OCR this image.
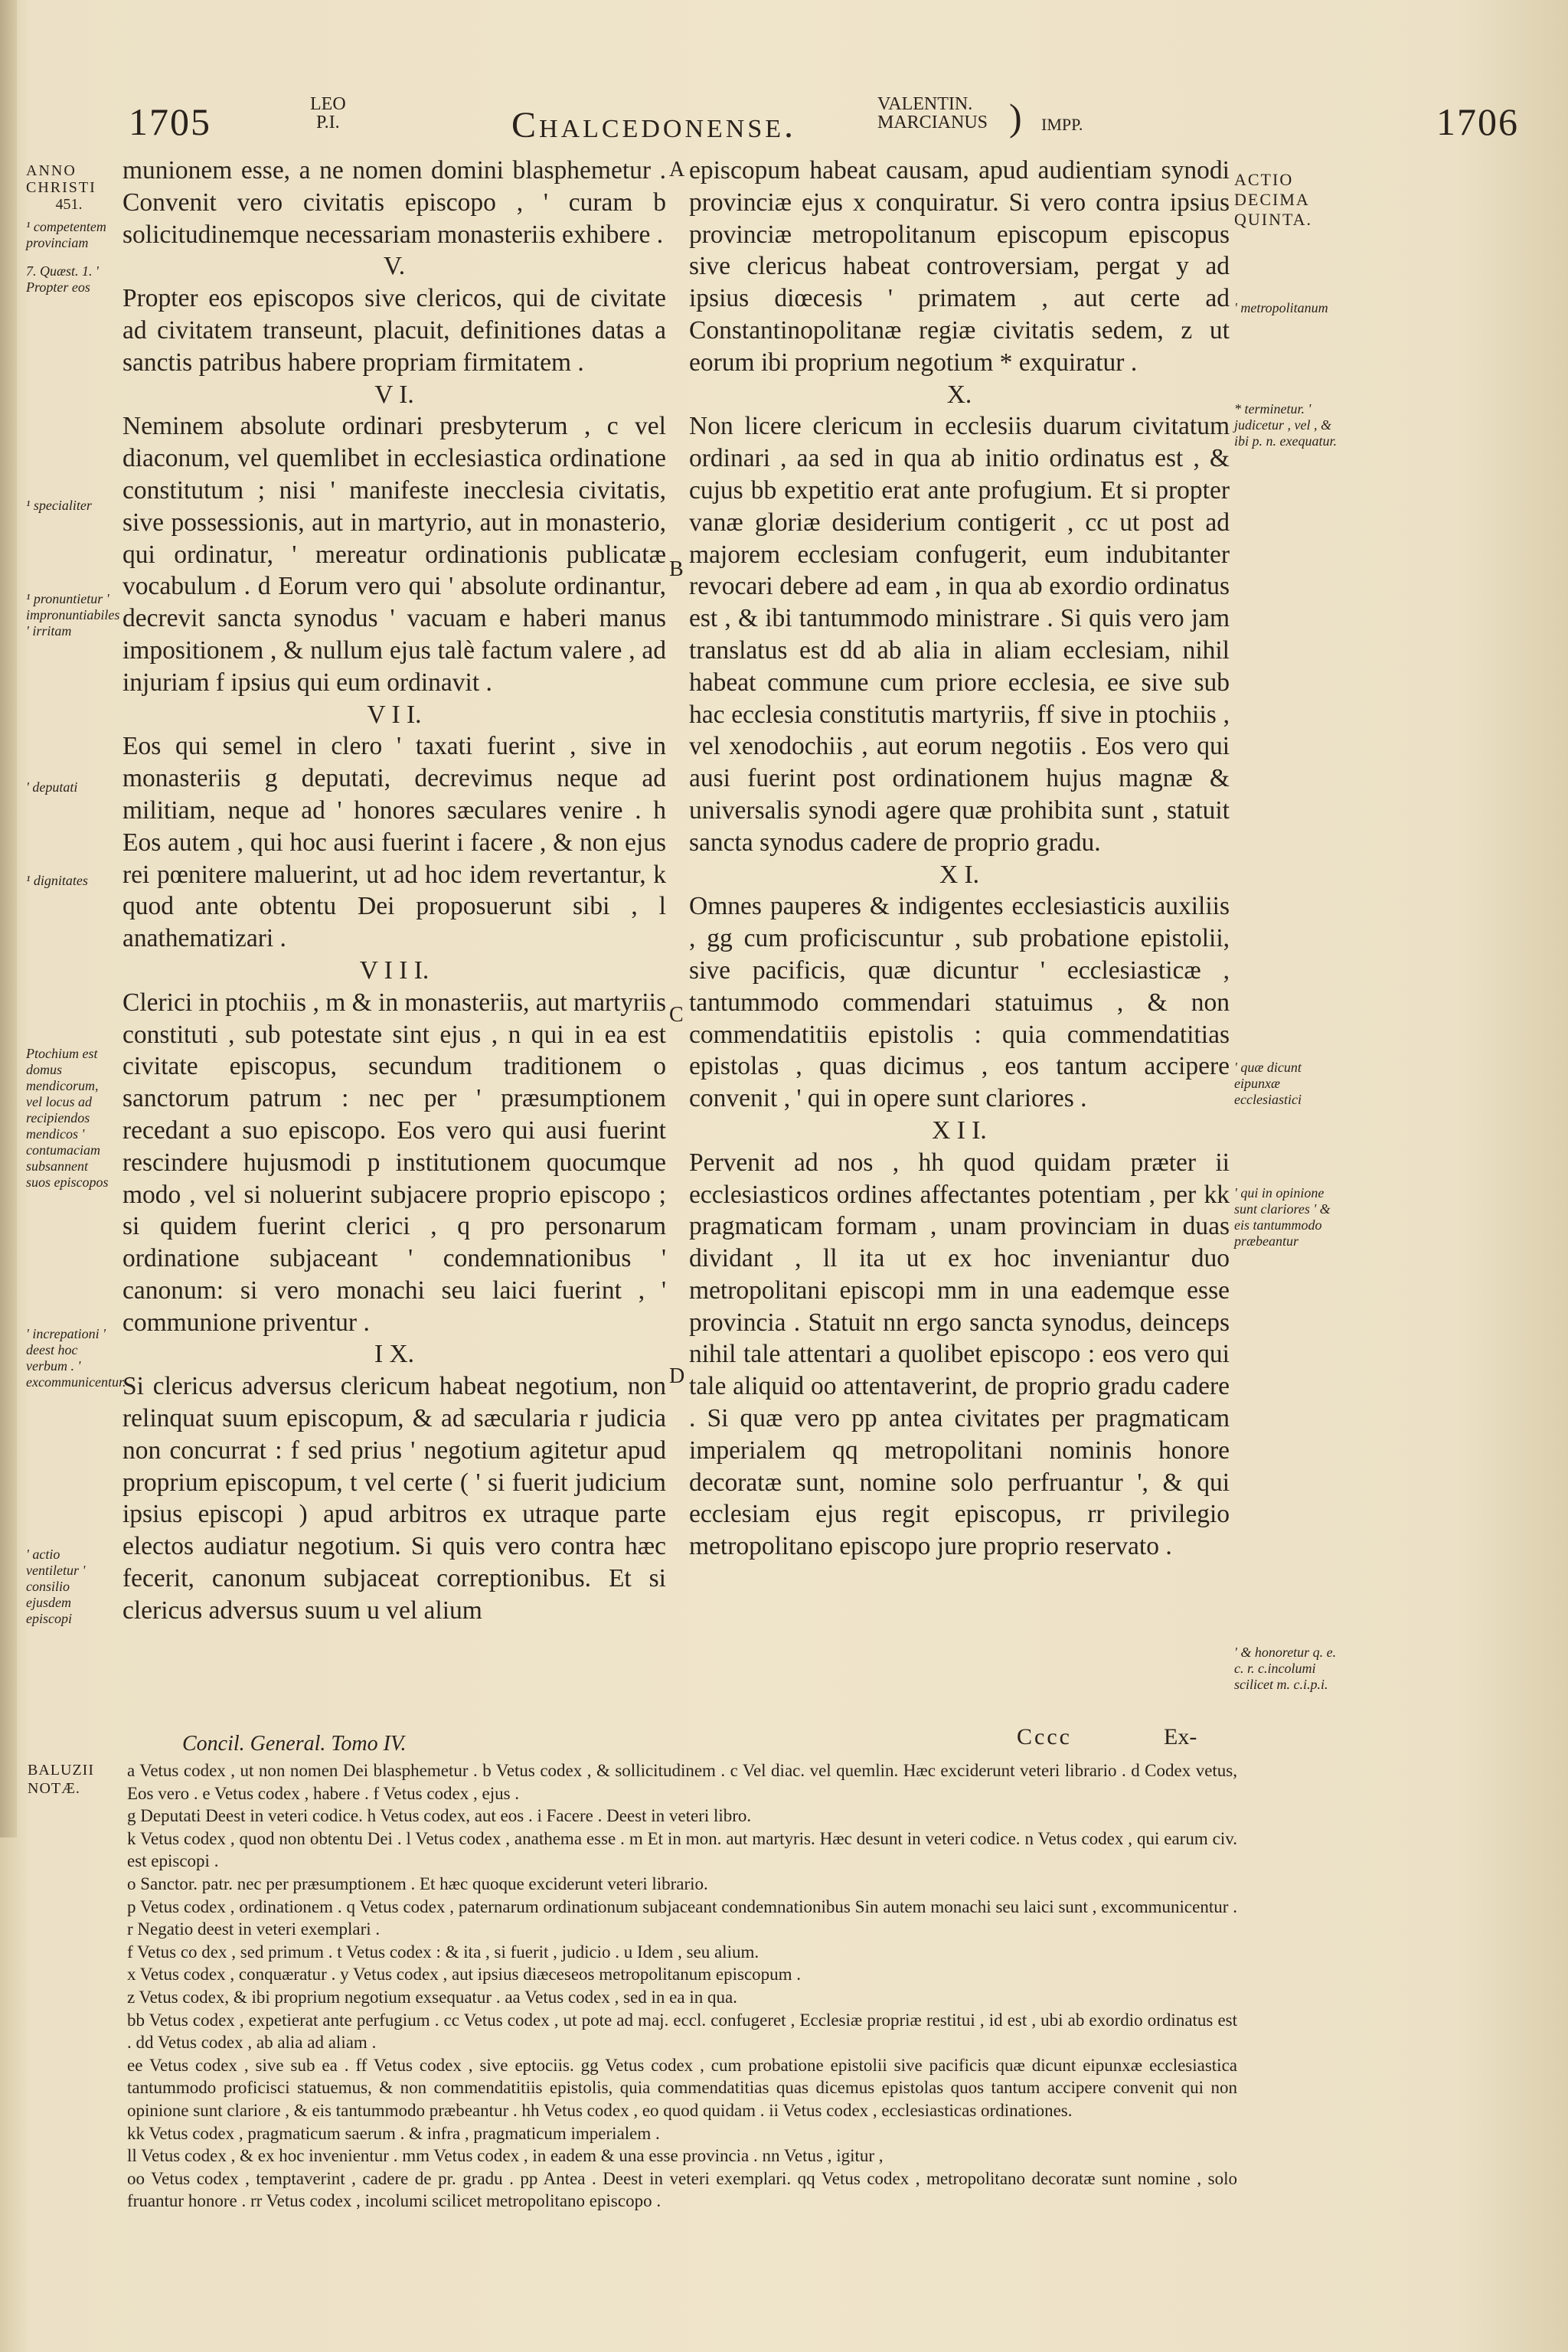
1705	LEO
P.I.	Chalcedonense.
VALENTIN.
MARCIANUS ) IMPP.	1706
ANNO
CHRISTI
451.
¹ competentem provinciam
7. Quæst. 1. ' Propter eos
¹ specialiter
¹ pronuntietur ' impronuntiabiles ' irritam
' deputati
¹ dignitates
Ptochium est domus mendicorum, vel locus ad recipiendos mendicos ' contumaciam subsannent suos episcopos
' increpationi ' deest hoc verbum . ' excommunicentur.
' actio ventiletur ' consilio ejusdem episcopi
ACTIO
DECIMA
QUINTA.
' metropolitanum
* terminetur. ' judicetur , vel , & ibi p. n. exequatur.
' quæ dicunt eipunxæ ecclesiastici
' qui in opinione sunt clariores ' & eis tantummodo præbeantur
' & honoretur q. e. c. r. c.incolumi scilicet m. c.i.p.i.
A
B
C
D

munionem esse, a ne nomen domini blasphemetur . Convenit vero civitatis episcopo , ' curam b solicitudinemque necessariam monasteriis exhibere .

V.

Propter eos episcopos sive clericos, qui de civitate ad civitatem transeunt, placuit, definitiones datas a sanctis patribus habere propriam firmitatem .

V I.

Neminem absolute ordinari presbyterum , c vel diaconum, vel quemlibet in ecclesiastica ordinatione constitutum ; nisi ' manifeste inecclesia civitatis, sive possessionis, aut in martyrio, aut in monasterio, qui ordinatur, ' mereatur ordinationis publicatæ vocabulum . d Eorum vero qui ' absolute ordinantur, decrevit sancta synodus ' vacuam e haberi manus impositionem , & nullum ejus talè factum valere , ad injuriam f ipsius qui eum ordinavit .

V I I.

Eos qui semel in clero ' taxati fuerint , sive in monasteriis g deputati, decrevimus neque ad militiam, neque ad ' honores sæculares venire . h Eos autem , qui hoc ausi fuerint i facere , & non ejus rei pœnitere maluerint, ut ad hoc idem revertantur, k quod ante obtentu Dei proposuerunt sibi , l anathematizari .

V I I I.

Clerici in ptochiis , m & in monasteriis, aut martyriis constituti , sub potestate sint ejus , n qui in ea est civitate episcopus, secundum traditionem o sanctorum patrum : nec per ' præsumptionem recedant a suo episcopo. Eos vero qui ausi fuerint rescindere hujusmodi p institutionem quocumque modo , vel si noluerint subjacere proprio episcopo ; si quidem fuerint clerici , q pro personarum ordinatione subjaceant ' condemnationibus ' canonum: si vero monachi seu laici fuerint , ' communione priventur .

I X.

Si clericus adversus clericum habeat negotium, non relinquat suum episcopum, & ad sæcularia r judicia non concurrat : f sed prius ' negotium agitetur apud proprium episcopum, t vel certe ( ' si fuerit judicium ipsius episcopi ) apud arbitros ex utraque parte electos audiatur negotium. Si quis vero contra hæc fecerit, canonum subjaceat correptionibus. Et si clericus adversus suum u vel alium

episcopum habeat causam, apud audientiam synodi provinciæ ejus x conquiratur. Si vero contra ipsius provinciæ metropolitanum episcopum episcopus sive clericus habeat controversiam, pergat y ad ipsius diœcesis ' primatem , aut certe ad Constantinopolitanæ regiæ civitatis sedem, z ut eorum ibi proprium negotium * exquiratur .

X.

Non licere clericum in ecclesiis duarum civitatum ordinari , aa sed in qua ab initio ordinatus est , & cujus bb expetitio erat ante profugium. Et si propter vanæ gloriæ desiderium contigerit , cc ut post ad majorem ecclesiam confugerit, eum indubitanter revocari debere ad eam , in qua ab exordio ordinatus est , & ibi tantummodo ministrare . Si quis vero jam translatus est dd ab alia in aliam ecclesiam, nihil habeat commune cum priore ecclesia, ee sive sub hac ecclesia constitutis martyriis, ff sive in ptochiis , vel xenodochiis , aut eorum negotiis . Eos vero qui ausi fuerint post ordinationem hujus magnæ & universalis synodi agere quæ prohibita sunt , statuit sancta synodus cadere de proprio gradu.

X I.

Omnes pauperes & indigentes ecclesiasticis auxiliis , gg cum proficiscuntur , sub probatione epistolii, sive pacificis, quæ dicuntur ' ecclesiasticæ , tantummodo commendari statuimus , & non commendatitiis epistolis : quia commendatitias epistolas , quas dicimus , eos tantum accipere convenit , ' qui in opere sunt clariores .

X I I.

Pervenit ad nos , hh quod quidam præter ii ecclesiasticos ordines affectantes potentiam , per kk pragmaticam formam , unam provinciam in duas dividant , ll ita ut ex hoc inveniantur duo metropolitani episcopi mm in una eademque esse provincia . Statuit nn ergo sancta synodus, deinceps nihil tale attentari a quolibet episcopo : eos vero qui tale aliquid oo attentaverint, de proprio gradu cadere . Si quæ vero pp antea civitates per pragmaticam imperialem qq metropolitani nominis honore decoratæ sunt, nomine solo perfruantur ', & qui ecclesiam ejus regit episcopus, rr privilegio metropolitano episcopo jure proprio reservato .

Concil. General. Tomo IV.	Cccc	Ex-
BALUZII
NOTÆ.

a Vetus codex , ut non nomen Dei blasphemetur . b Vetus codex , & sollicitudinem . c Vel diac. vel quemlin. Hæc exciderunt veteri librario . d Codex vetus, Eos vero . e Vetus codex , habere . f Vetus codex , ejus .

g Deputati Deest in veteri codice. h Vetus codex, aut eos . i Facere . Deest in veteri libro.

k Vetus codex , quod non obtentu Dei . l Vetus codex , anathema esse . m Et in mon. aut martyris. Hæc desunt in veteri codice. n Vetus codex , qui earum civ. est episcopi .

o Sanctor. patr. nec per præsumptionem . Et hæc quoque exciderunt veteri librario.

p Vetus codex , ordinationem . q Vetus codex , paternarum ordinationum subjaceant condemnationibus Sin autem monachi seu laici sunt , excommunicentur . r Negatio deest in veteri exemplari .

f Vetus co dex , sed primum . t Vetus codex : & ita , si fuerit , judicio . u Idem , seu alium.

x Vetus codex , conquæratur . y Vetus codex , aut ipsius diæceseos metropolitanum episcopum .

z Vetus codex, & ibi proprium negotium exsequatur . aa Vetus codex , sed in ea in qua.

bb Vetus codex , expetierat ante perfugium . cc Vetus codex , ut pote ad maj. eccl. confugeret , Ecclesiæ propriæ restitui , id est , ubi ab exordio ordinatus est . dd Vetus codex , ab alia ad aliam .

ee Vetus codex , sive sub ea . ff Vetus codex , sive eptociis. gg Vetus codex , cum probatione epistolii sive pacificis quæ dicunt eipunxæ ecclesiastica tantummodo proficisci statuemus, & non commendatitiis epistolis, quia commendatitias quas dicemus epistolas quos tantum accipere convenit qui non opinione sunt clariore , & eis tantummodo præbeantur . hh Vetus codex , eo quod quidam . ii Vetus codex , ecclesiasticas ordinationes.

kk Vetus codex , pragmaticum saerum . & infra , pragmaticum imperialem .

ll Vetus codex , & ex hoc invenientur . mm Vetus codex , in eadem & una esse provincia . nn Vetus , igitur ,

oo Vetus codex , temptaverint , cadere de pr. gradu . pp Antea . Deest in veteri exemplari. qq Vetus codex , metropolitano decoratæ sunt nomine , solo fruantur honore . rr Vetus codex , incolumi scilicet metropolitano episcopo .
